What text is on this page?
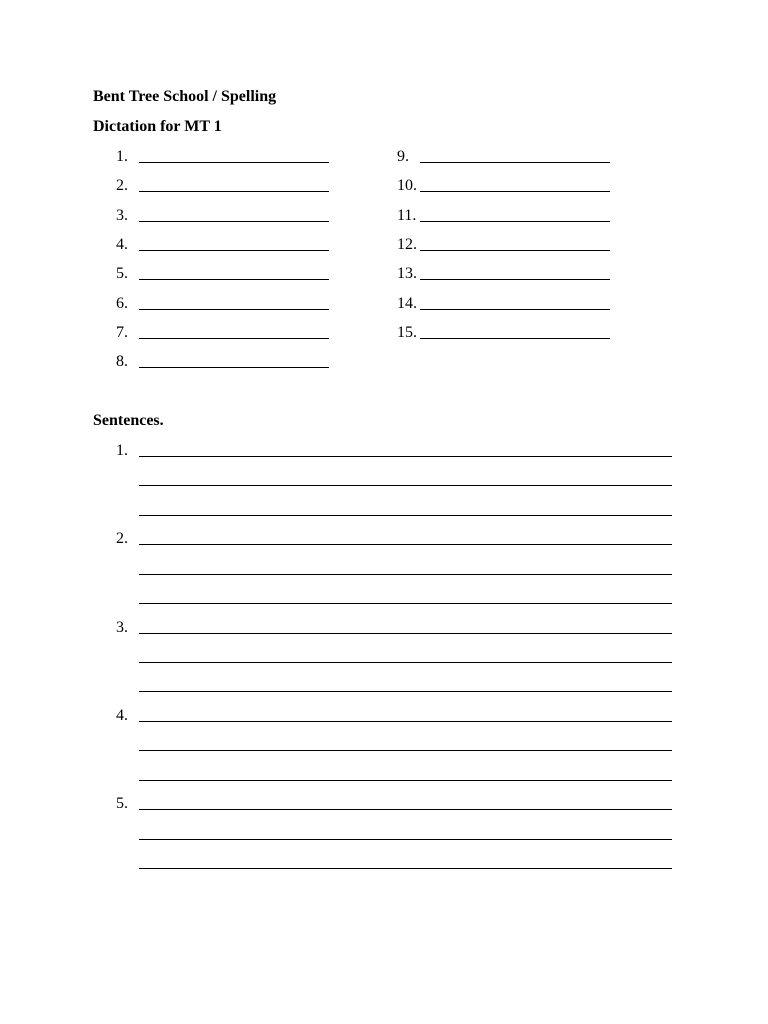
Bent Tree School / Spelling
Dictation for MT 1
1.
2.
3.
4.
5.
6.
7.
8.
9.
10.
11.
12.
13.
14.
15.
Sentences.
1.
2.
3.
4.
5.
